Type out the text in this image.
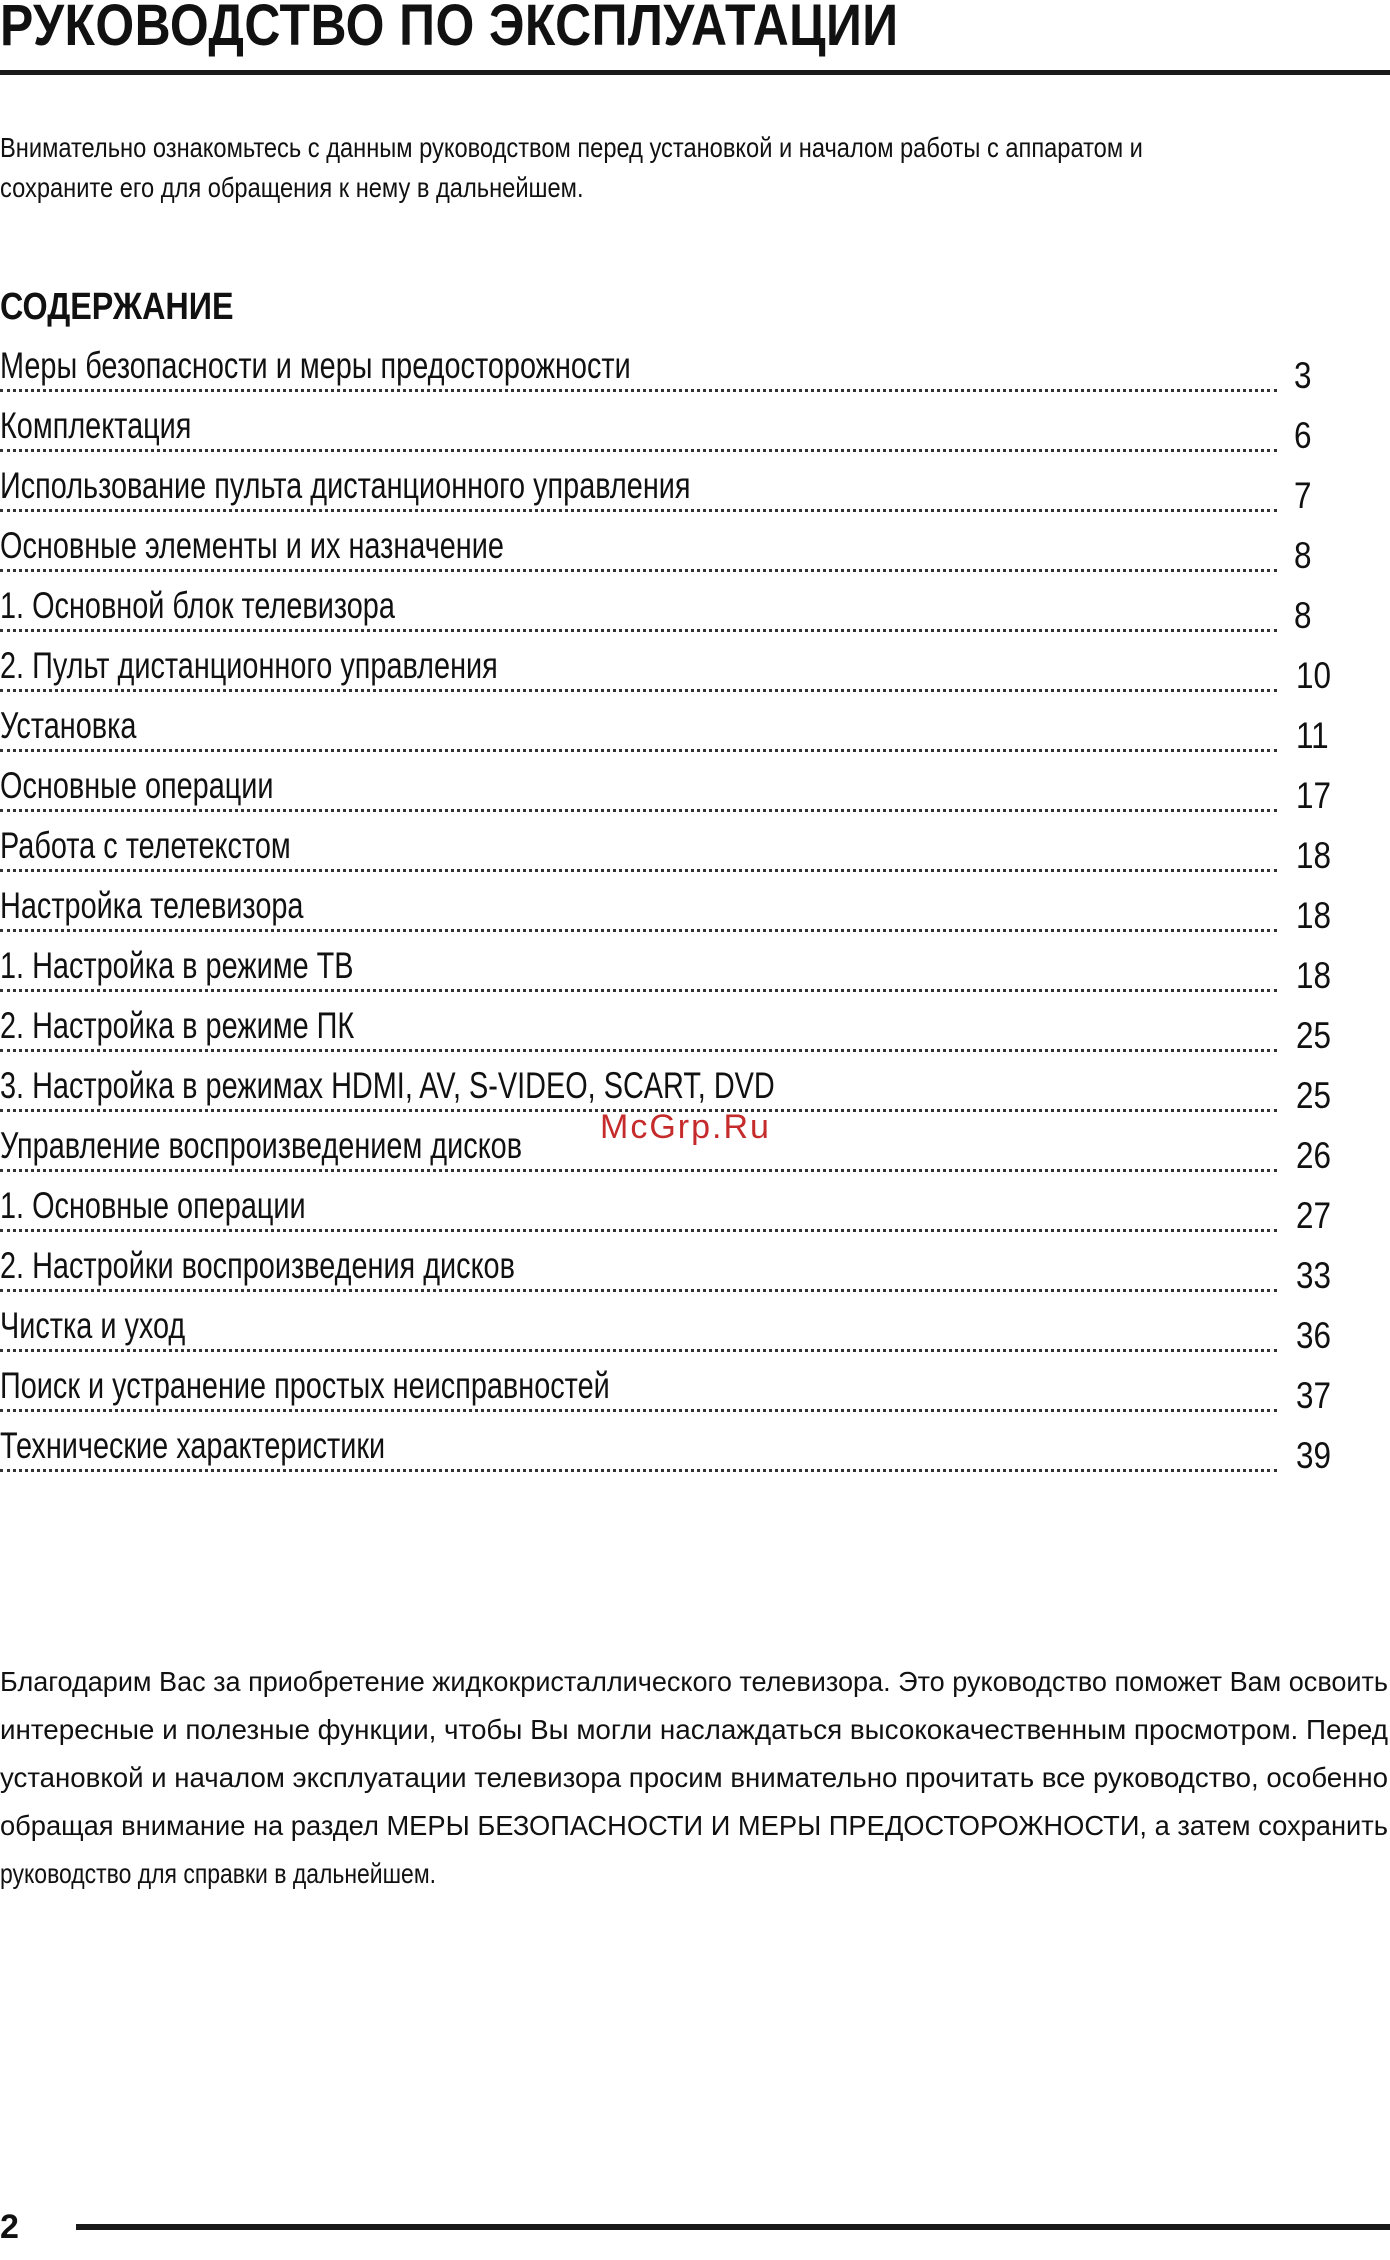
РУКОВОДСТВО ПО ЭКСПЛУАТАЦИИ

Внимательно ознакомьтесь с данным руководством перед установкой и началом работы с аппаратом и
сохраните его для обращения к нему в дальнейшем.

СОДЕРЖАНИЕ
Меры безопасности и меры предосторожности	3
Комплектация	6
Использование пульта дистанционного управления	7
Основные элементы и их назначение	8
1. Основной блок телевизора	8
2. Пульт дистанционного управления	10
Установка	11
Основные операции	17
Работа с телетекстом	18
Настройка телевизора	18
1. Настройка в режиме ТВ	18
2. Настройка в режиме ПК	25
3. Настройка в режимах HDMI, AV, S-VIDEO, SCART, DVD	25
Управление воспроизведением дисков	26
1. Основные операции	27
2. Настройки воспроизведения дисков	33
Чистка и уход	36
Поиск и устранение простых неисправностей	37
Технические характеристики	39

McGrp.Ru

Благодарим Вас за приобретение жидкокристаллического телевизора. Это руководство поможет Вам освоить
интересные и полезные функции, чтобы Вы могли наслаждаться высококачественным просмотром. Перед
установкой и началом эксплуатации телевизора просим внимательно прочитать все руководство, особенно
обращая внимание на раздел МЕРЫ БЕЗОПАСНОСТИ И МЕРЫ ПРЕДОСТОРОЖНОСТИ, а затем сохранить
руководство для справки в дальнейшем.

2
